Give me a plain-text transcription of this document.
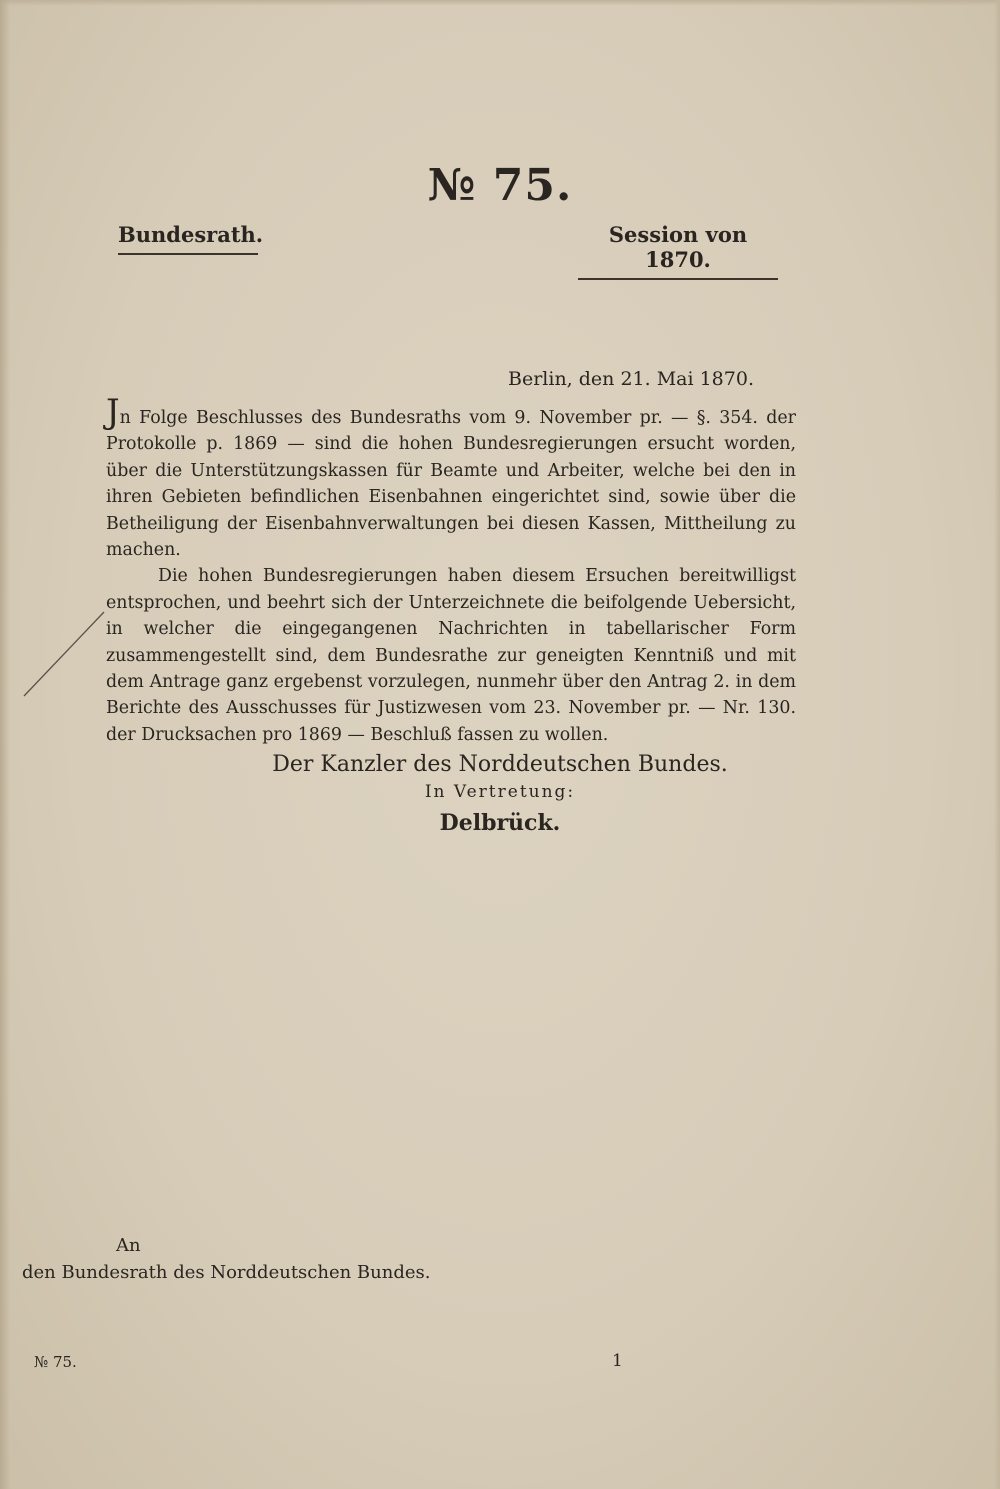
№ 75.
Bundesrath.	Session von 1870.
Berlin, den 21. Mai 1870.

Jn Folge Beschlusses des Bundesraths vom 9. November pr. — §. 354. der Protokolle p. 1869 — sind die hohen Bundesregierungen ersucht worden, über die Unterstützungskassen für Beamte und Arbeiter, welche bei den in ihren Gebieten befindlichen Eisenbahnen eingerichtet sind, sowie über die Betheiligung der Eisenbahnverwaltungen bei diesen Kassen, Mittheilung zu machen.

Die hohen Bundesregierungen haben diesem Ersuchen bereitwilligst entsprochen, und beehrt sich der Unterzeichnete die beifolgende Uebersicht, in welcher die eingegangenen Nachrichten in tabellarischer Form zusammengestellt sind, dem Bundesrathe zur geneigten Kenntniß und mit dem Antrage ganz ergebenst vorzulegen, nunmehr über den Antrag 2. in dem Berichte des Ausschusses für Justizwesen vom 23. November pr. — Nr. 130. der Drucksachen pro 1869 — Beschluß fassen zu wollen.

Der Kanzler des Norddeutschen Bundes.
In Vertretung:
Delbrück.
An
den Bundesrath des Norddeutschen Bundes.
№ 75.	1
